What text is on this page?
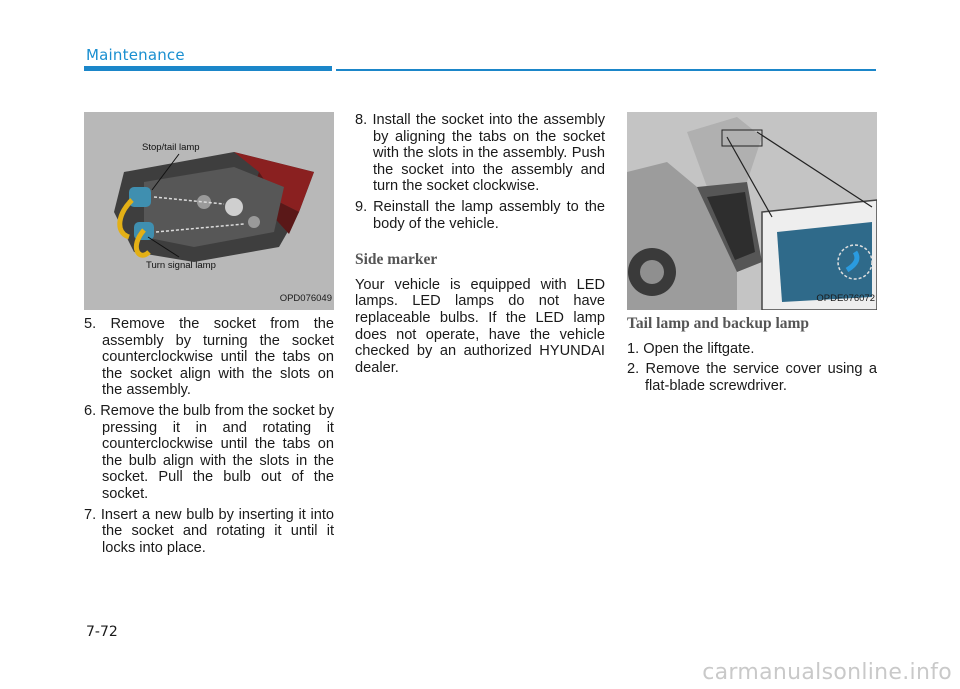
Maintenance
Stop/tail lamp
Turn signal lamp
OPD076049

5. Remove the socket from the assembly by turning the socket counterclockwise until the tabs on the socket align with the slots on the assembly.

6. Remove the bulb from the socket by pressing it in and rotating it counterclockwise until the tabs on the bulb align with the slots in the socket. Pull the bulb out of the socket.

7. Insert a new bulb by inserting it into the socket and rotating it until it locks into place.

8. Install the socket into the assembly by aligning the tabs on the socket with the slots in the assembly. Push the socket into the assembly and turn the socket clockwise.

9. Reinstall the lamp assembly to the body of the vehicle.

Side marker

Your vehicle is equipped with LED lamps. LED lamps do not have replaceable bulbs. If the LED lamp does not operate, have the vehicle checked by an authorized HYUNDAI dealer.

OPDE076072
Tail lamp and backup lamp

1. Open the liftgate.

2. Remove the service cover using a flat-blade screwdriver.

7-72
carmanualsonline.info
